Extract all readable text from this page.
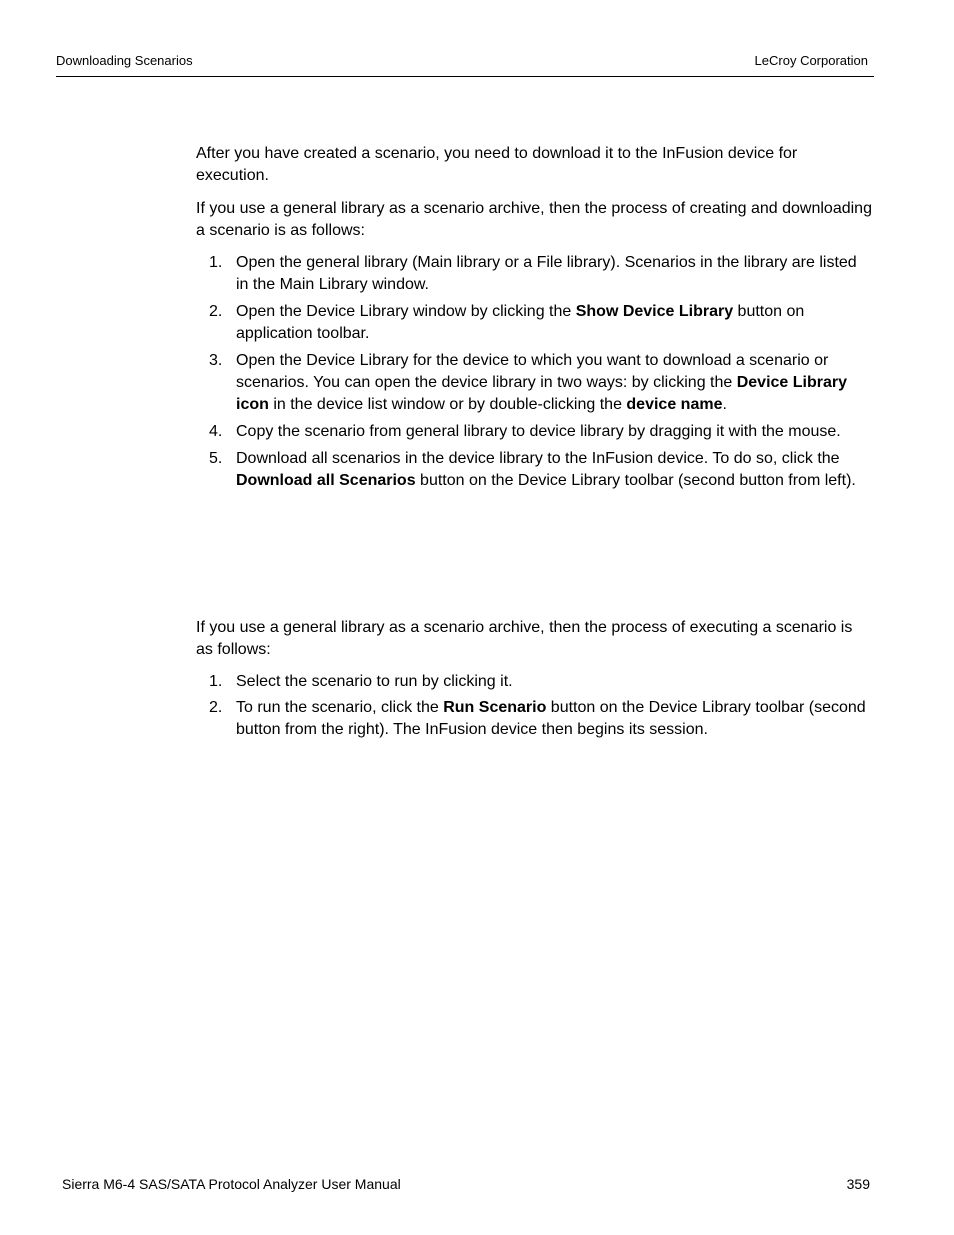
Downloading Scenarios	LeCroy Corporation

After you have created a scenario, you need to download it to the InFusion device for execution.

If you use a general library as a scenario archive, then the process of creating and downloading a scenario is as follows:

1. Open the general library (Main library or a File library). Scenarios in the library are listed in the Main Library window.
2. Open the Device Library window by clicking the Show Device Library button on application toolbar.
3. Open the Device Library for the device to which you want to download a scenario or scenarios. You can open the device library in two ways: by clicking the Device Library icon in the device list window or by double-clicking the device name.
4. Copy the scenario from general library to device library by dragging it with the mouse.
5. Download all scenarios in the device library to the InFusion device. To do so, click the Download all Scenarios button on the Device Library toolbar (second button from left).

If you use a general library as a scenario archive, then the process of executing a scenario is as follows:

1. Select the scenario to run by clicking it.
2. To run the scenario, click the Run Scenario button on the Device Library toolbar (second button from the right). The InFusion device then begins its session.
Sierra M6-4 SAS/SATA Protocol Analyzer User Manual	359
